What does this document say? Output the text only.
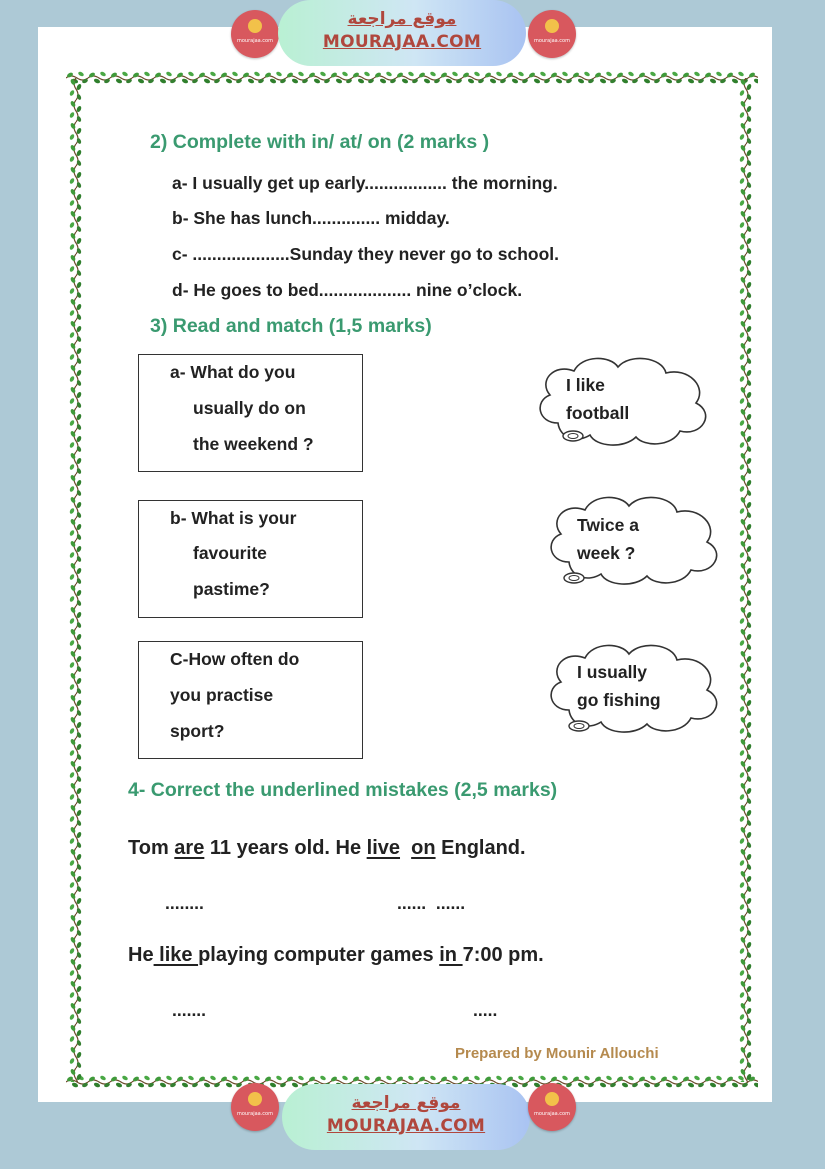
mourajaa.com
موقع مراجعة
MOURAJAA.COM	mourajaa.com
2) Complete with in/ at/ on (2 marks )
a- I usually get up early................. the morning.
b- She has lunch.............. midday.
c- ....................Sunday they never go to school.
d- He goes to bed................... nine o’clock.
3) Read and match (1,5 marks)
a- What do you
usually do on
the weekend ?
b- What is your
favourite
pastime?
C-How often do
you practise
sport?
I like
football
Twice a
week ?
I usually
go fishing
4- Correct the underlined mistakes (2,5 marks)
Tom are 11 years old. He live on England.
........	......  ......
He like playing computer games in 7:00 pm.
.......	.....
Prepared by Mounir Allouchi
mourajaa.com
موقع مراجعة
MOURAJAA.COM
mourajaa.com
